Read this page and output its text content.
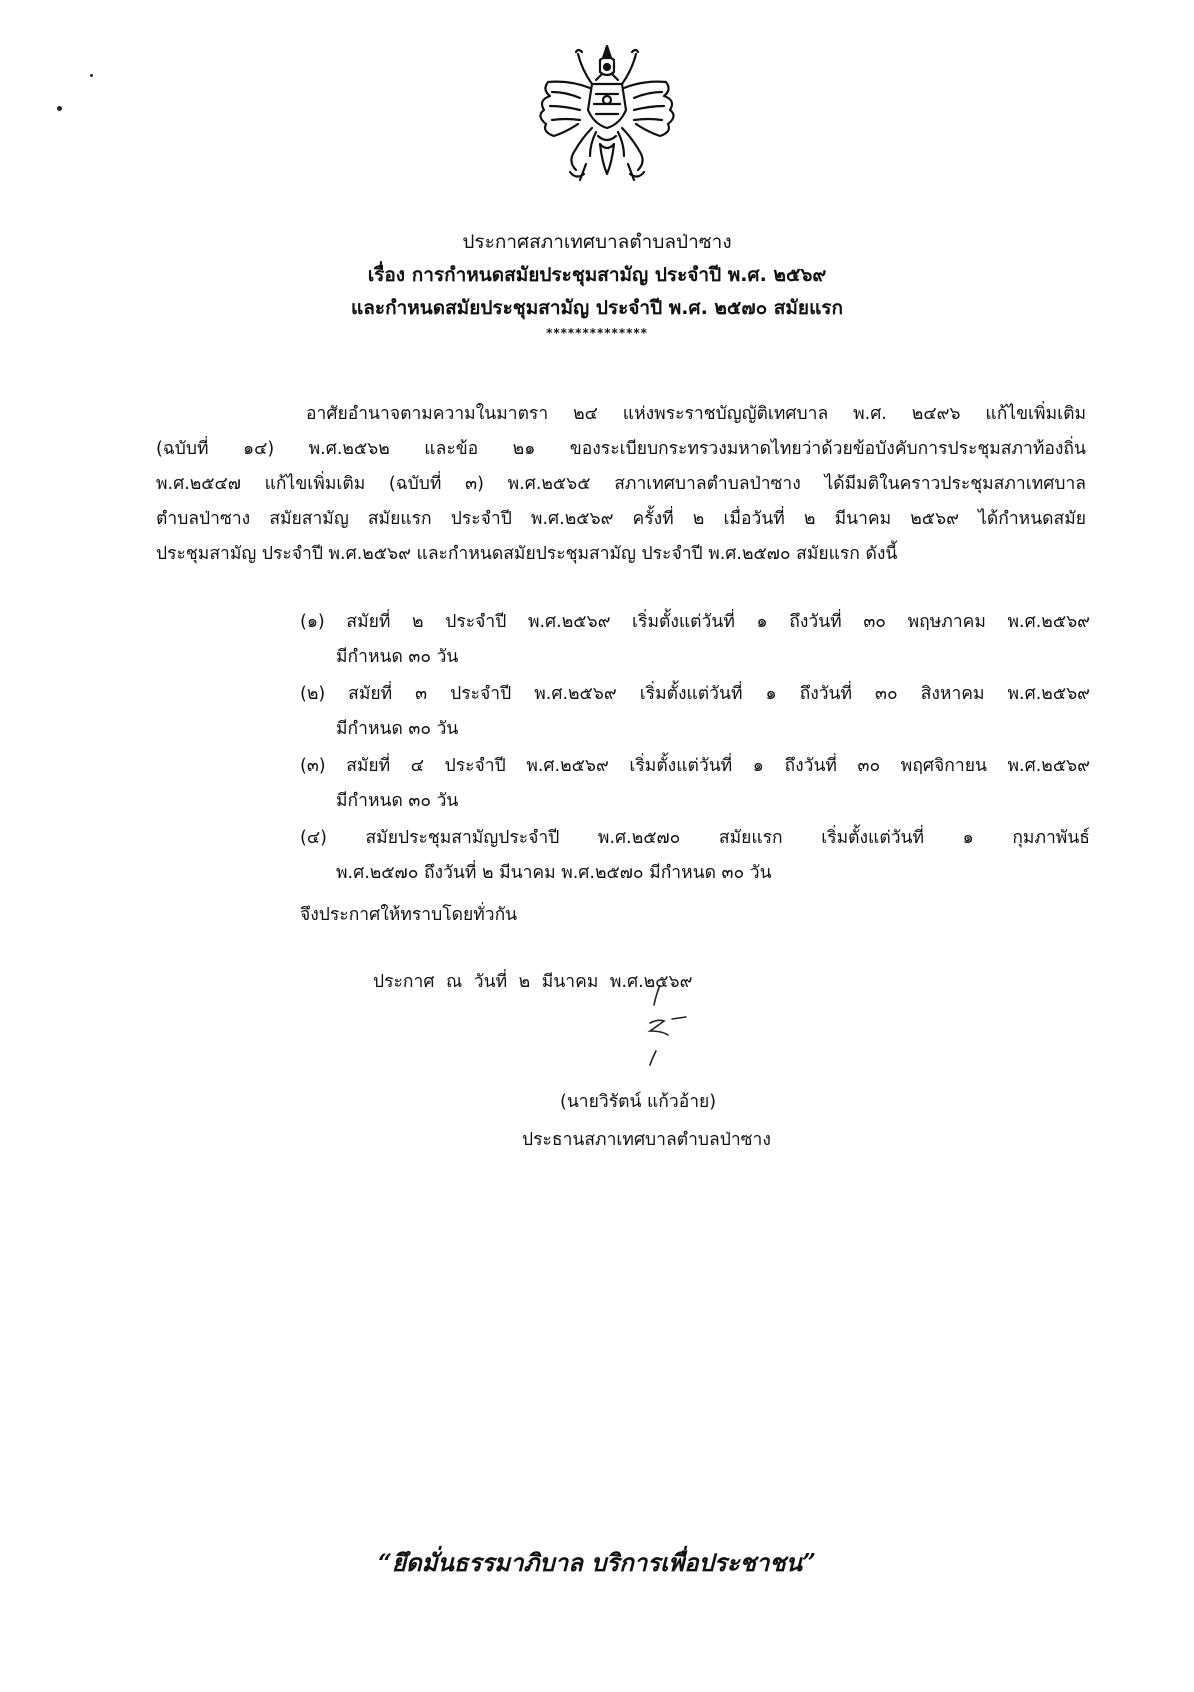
ประกาศสภาเทศบาลตำบลป่าซาง
เรื่อง การกำหนดสมัยประชุมสามัญ ประจำปี พ.ศ. ๒๕๖๙
และกำหนดสมัยประชุมสามัญ ประจำปี พ.ศ. ๒๕๗๐ สมัยแรก
**************
อาศัยอำนาจตามความในมาตรา ๒๔ แห่งพระราชบัญญัติเทศบาล พ.ศ. ๒๔๙๖ แก้ไขเพิ่มเติม
(ฉบับที่ ๑๔) พ.ศ.๒๕๖๒ และข้อ ๒๑ ของระเบียบกระทรวงมหาดไทยว่าด้วยข้อบังคับการประชุมสภาท้องถิ่น
พ.ศ.๒๕๔๗ แก้ไขเพิ่มเติม (ฉบับที่ ๓) พ.ศ.๒๕๖๕ สภาเทศบาลตำบลป่าซาง ได้มีมติในคราวประชุมสภาเทศบาล
ตำบลป่าซาง สมัยสามัญ สมัยแรก ประจำปี พ.ศ.๒๕๖๙ ครั้งที่ ๒ เมื่อวันที่ ๒ มีนาคม ๒๕๖๙ ได้กำหนดสมัย
ประชุมสามัญ ประจำปี พ.ศ.๒๕๖๙ และกำหนดสมัยประชุมสามัญ ประจำปี พ.ศ.๒๕๗๐ สมัยแรก ดังนี้
(๑) สมัยที่ ๒ ประจำปี พ.ศ.๒๕๖๙ เริ่มตั้งแต่วันที่ ๑ ถึงวันที่ ๓๐ พฤษภาคม พ.ศ.๒๕๖๙
มีกำหนด ๓๐ วัน
(๒) สมัยที่ ๓ ประจำปี พ.ศ.๒๕๖๙ เริ่มตั้งแต่วันที่ ๑ ถึงวันที่ ๓๐ สิงหาคม พ.ศ.๒๕๖๙
มีกำหนด ๓๐ วัน
(๓) สมัยที่ ๔ ประจำปี พ.ศ.๒๕๖๙ เริ่มตั้งแต่วันที่ ๑ ถึงวันที่ ๓๐ พฤศจิกายน พ.ศ.๒๕๖๙
มีกำหนด ๓๐ วัน
(๔) สมัยประชุมสามัญประจำปี พ.ศ.๒๕๗๐ สมัยแรก เริ่มตั้งแต่วันที่ ๑ กุมภาพันธ์
พ.ศ.๒๕๗๐ ถึงวันที่ ๒ มีนาคม พ.ศ.๒๕๗๐ มีกำหนด ๓๐ วัน
จึงประกาศให้ทราบโดยทั่วกัน
ประกาศ ณ วันที่ ๒ มีนาคม พ.ศ.๒๕๖๙
(นายวิรัตน์ แก้วอ้าย)
ประธานสภาเทศบาลตำบลป่าซาง
“ยึดมั่นธรรมาภิบาล บริการเพื่อประชาชน”
